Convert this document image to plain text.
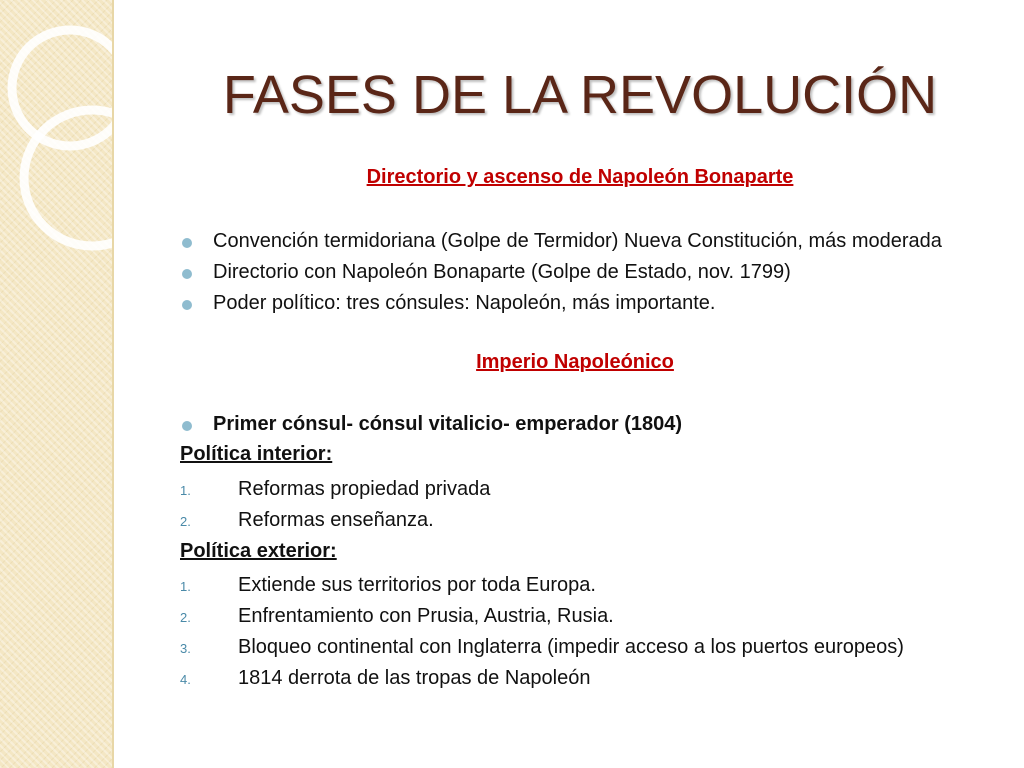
FASES DE LA REVOLUCIÓN
Directorio y ascenso de Napoleón Bonaparte
Convención termidoriana (Golpe de Termidor) Nueva Constitución, más moderada
Directorio con Napoleón Bonaparte (Golpe de Estado, nov. 1799)
Poder político: tres cónsules: Napoleón, más importante.
Imperio Napoleónico
Primer cónsul- cónsul vitalicio- emperador (1804)

Política interior:

1. Reformas propiedad privada
2. Reformas enseñanza.

Política exterior:

1. Extiende sus territorios por toda Europa.
2. Enfrentamiento con Prusia, Austria, Rusia.
3. Bloqueo continental con Inglaterra (impedir acceso a los puertos europeos)
4. 1814 derrota de las tropas de Napoleón
